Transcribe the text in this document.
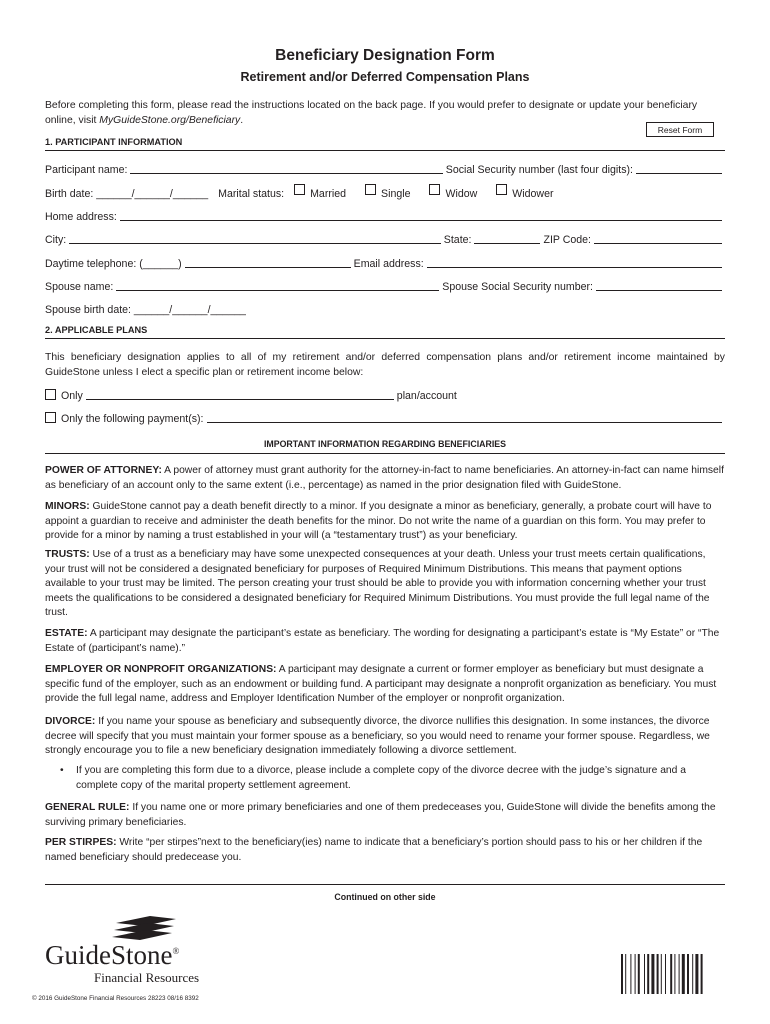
Beneficiary Designation Form
Retirement and/or Deferred Compensation Plans
Before completing this form, please read the instructions located on the back page. If you would prefer to designate or update your beneficiary online, visit MyGuideStone.org/Beneficiary.
Reset Form
1. PARTICIPANT INFORMATION
Participant name:	Social Security number (last four digits):
Birth date: ______/______/______ Marital status:	Married	Single	Widow	Widower
Home address:
City:	State:	ZIP Code:
Daytime telephone: (______)	Email address:
Spouse name:	Spouse Social Security number:
Spouse birth date: ______/______/______
2. APPLICABLE PLANS
This beneficiary designation applies to all of my retirement and/or deferred compensation plans and/or retirement income maintained by GuideStone unless I elect a specific plan or retirement income below:
Only	plan/account
Only the following payment(s):
IMPORTANT INFORMATION REGARDING BENEFICIARIES
POWER OF ATTORNEY: A power of attorney must grant authority for the attorney-in-fact to name beneficiaries. An attorney-in-fact can name himself as beneficiary of an account only to the same extent (i.e., percentage) as named in the prior designation filed with GuideStone.
MINORS: GuideStone cannot pay a death benefit directly to a minor. If you designate a minor as beneficiary, generally, a probate court will have to appoint a guardian to receive and administer the death benefits for the minor. Do not write the name of a guardian on this form. You may prefer to provide for a minor by naming a trust established in your will (a “testamentary trust”) as your beneficiary.
TRUSTS: Use of a trust as a beneficiary may have some unexpected consequences at your death. Unless your trust meets certain qualifications, your trust will not be considered a designated beneficiary for purposes of Required Minimum Distributions. This means that payment options available to your trust may be limited. The person creating your trust should be able to provide you with information concerning whether your trust meets the qualifications to be considered a designated beneficiary for Required Minimum Distributions. You must provide the full legal name of the trust.
ESTATE: A participant may designate the participant’s estate as beneficiary. The wording for designating a participant’s estate is “My Estate” or “The Estate of (participant’s name).”
EMPLOYER OR NONPROFIT ORGANIZATIONS: A participant may designate a current or former employer as beneficiary but must designate a specific fund of the employer, such as an endowment or building fund. A participant may designate a nonprofit organization as beneficiary. You must provide the full legal name, address and Employer Identification Number of the employer or nonprofit organization.
DIVORCE: If you name your spouse as beneficiary and subsequently divorce, the divorce nullifies this designation. In some instances, the divorce decree will specify that you must maintain your former spouse as a beneficiary, so you would need to rename your former spouse. Regardless, we strongly encourage you to file a new beneficiary designation immediately following a divorce settlement.
• If you are completing this form due to a divorce, please include a complete copy of the divorce decree with the judge’s signature and a complete copy of the marital property settlement agreement.
GENERAL RULE: If you name one or more primary beneficiaries and one of them predeceases you, GuideStone will divide the benefits among the surviving primary beneficiaries.
PER STIRPES: Write “per stirpes”next to the beneficiary(ies) name to indicate that a beneficiary’s portion should pass to his or her children if the named beneficiary should predecease you.
Continued on other side
GuideStone®
Financial Resources
© 2016 GuideStone Financial Resources 28223 08/16 8392
